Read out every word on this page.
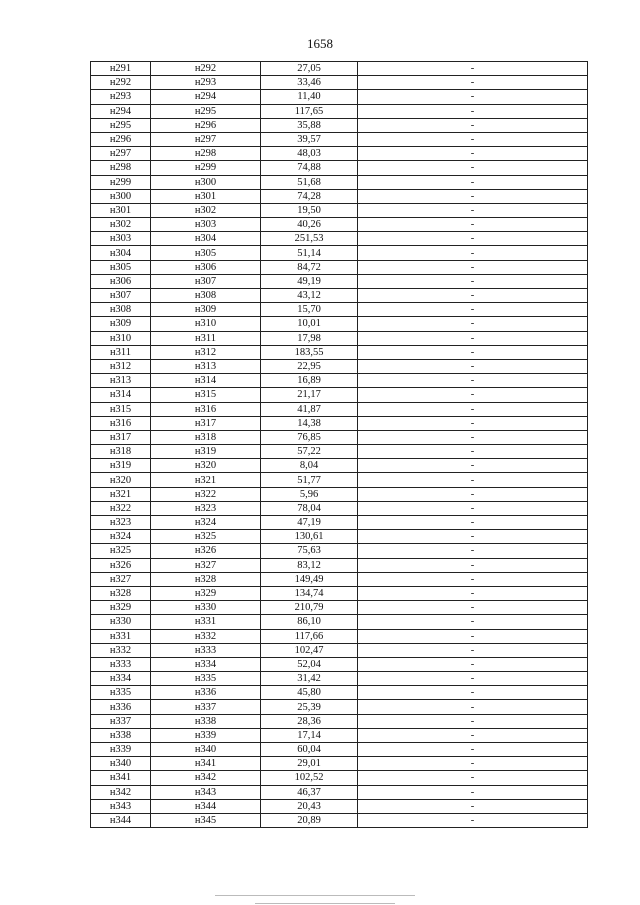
1658
н291	н292	27,05	-
н292	н293	33,46	-
н293	н294	11,40	-
н294	н295	117,65	-
н295	н296	35,88	-
н296	н297	39,57	-
н297	н298	48,03	-
н298	н299	74,88	-
н299	н300	51,68	-
н300	н301	74,28	-
н301	н302	19,50	-
н302	н303	40,26	-
н303	н304	251,53	-
н304	н305	51,14	-
н305	н306	84,72	-
н306	н307	49,19	-
н307	н308	43,12	-
н308	н309	15,70	-
н309	н310	10,01	-
н310	н311	17,98	-
н311	н312	183,55	-
н312	н313	22,95	-
н313	н314	16,89	-
н314	н315	21,17	-
н315	н316	41,87	-
н316	н317	14,38	-
н317	н318	76,85	-
н318	н319	57,22	-
н319	н320	8,04	-
н320	н321	51,77	-
н321	н322	5,96	-
н322	н323	78,04	-
н323	н324	47,19	-
н324	н325	130,61	-
н325	н326	75,63	-
н326	н327	83,12	-
н327	н328	149,49	-
н328	н329	134,74	-
н329	н330	210,79	-
н330	н331	86,10	-
н331	н332	117,66	-
н332	н333	102,47	-
н333	н334	52,04	-
н334	н335	31,42	-
н335	н336	45,80	-
н336	н337	25,39	-
н337	н338	28,36	-
н338	н339	17,14	-
н339	н340	60,04	-
н340	н341	29,01	-
н341	н342	102,52	-
н342	н343	46,37	-
н343	н344	20,43	-
н344	н345	20,89	-
